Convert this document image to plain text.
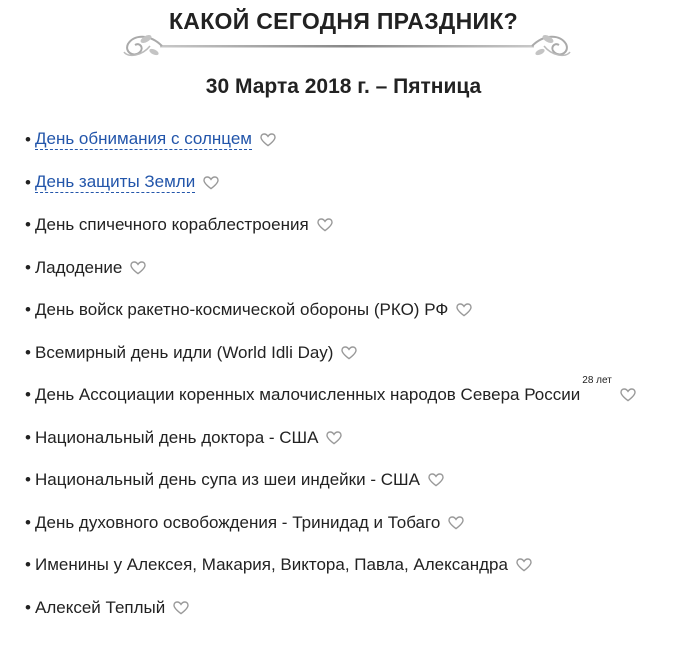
КАКОЙ СЕГОДНЯ ПРАЗДНИК?
30 Марта 2018 г. – Пятница
• День обнимания с солнцем
• День защиты Земли
• День спичечного кораблестроения
• Ладодение
• День войск ракетно-космической обороны (РКО) РФ
• Всемирный день идли (World Idli Day)
• День Ассоциации коренных малочисленных народов Севера России
$^{28 лет}$
• Национальный день доктора - США
• Национальный день супа из шеи индейки - США
• День духовного освобождения - Тринидад и Тобаго
• Именины у Алексея, Макария, Виктора, Павла, Александра
• Алексей Теплый
